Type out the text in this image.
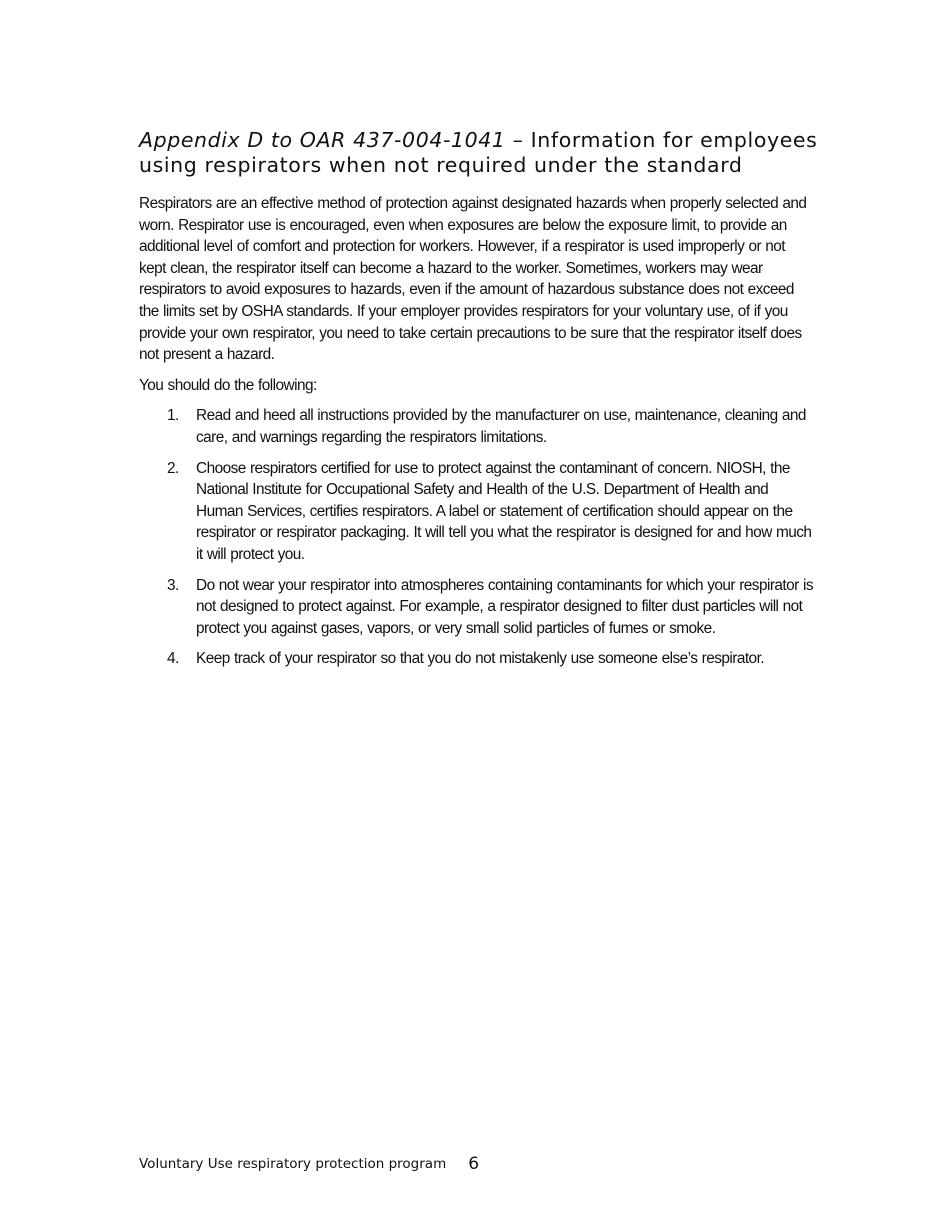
Appendix D to OAR 437-004-1041 – Information for employees using respirators when not required under the standard

Respirators are an effective method of protection against designated hazards when properly selected and worn. Respirator use is encouraged, even when exposures are below the exposure limit, to provide an additional level of comfort and protection for workers. However, if a respirator is used improperly or not kept clean, the respirator itself can become a hazard to the worker. Sometimes, workers may wear respirators to avoid exposures to hazards, even if the amount of hazardous substance does not exceed the limits set by OSHA standards. If your employer provides respirators for your voluntary use, of if you provide your own respirator, you need to take certain precautions to be sure that the respirator itself does not present a hazard.

You should do the following:

1. Read and heed all instructions provided by the manufacturer on use, maintenance, cleaning and care, and warnings regarding the respirators limitations.
2. Choose respirators certified for use to protect against the contaminant of concern. NIOSH, the National Institute for Occupational Safety and Health of the U.S. Department of Health and Human Services, certifies respirators. A label or statement of certification should appear on the respirator or respirator packaging. It will tell you what the respirator is designed for and how much it will protect you.
3. Do not wear your respirator into atmospheres containing contaminants for which your respirator is not designed to protect against. For example, a respirator designed to filter dust particles will not protect you against gases, vapors, or very small solid particles of fumes or smoke.
4. Keep track of your respirator so that you do not mistakenly use someone else’s respirator.
Voluntary Use respiratory protection program 6
